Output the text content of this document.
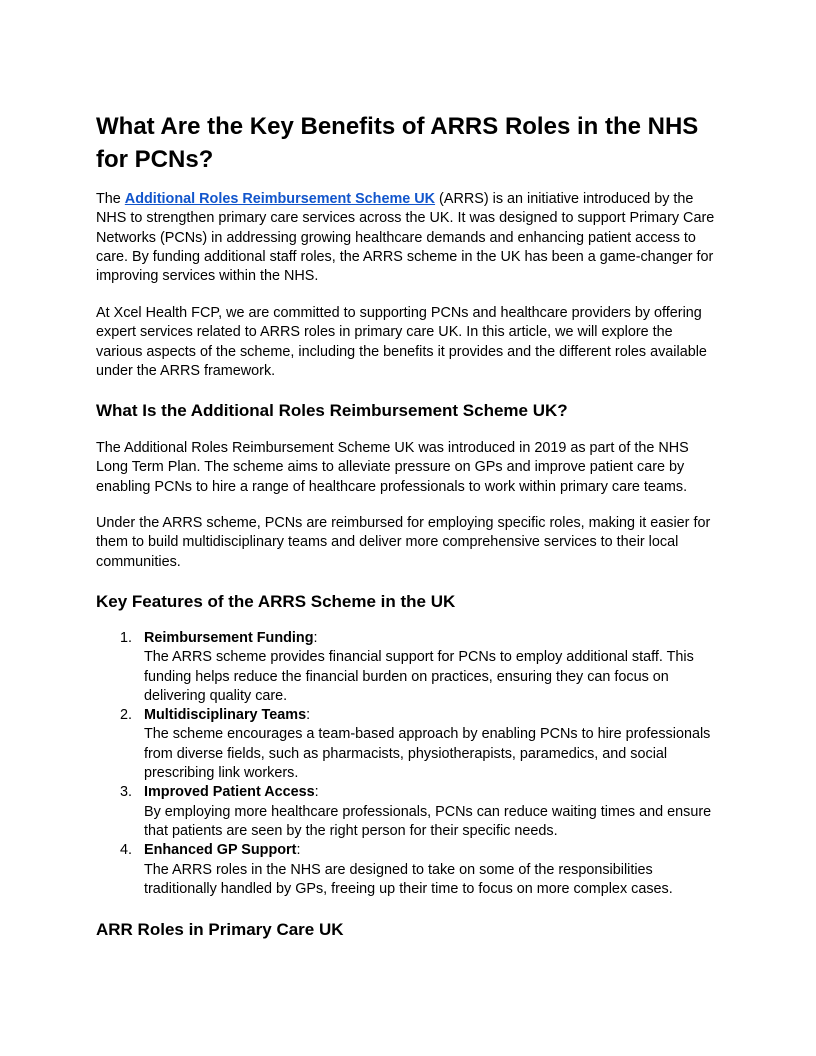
What Are the Key Benefits of ARRS Roles in the NHS for PCNs?

The Additional Roles Reimbursement Scheme UK (ARRS) is an initiative introduced by the NHS to strengthen primary care services across the UK. It was designed to support Primary Care Networks (PCNs) in addressing growing healthcare demands and enhancing patient access to care. By funding additional staff roles, the ARRS scheme in the UK has been a game-changer for improving services within the NHS.

At Xcel Health FCP, we are committed to supporting PCNs and healthcare providers by offering expert services related to ARRS roles in primary care UK. In this article, we will explore the various aspects of the scheme, including the benefits it provides and the different roles available under the ARRS framework.

What Is the Additional Roles Reimbursement Scheme UK?

The Additional Roles Reimbursement Scheme UK was introduced in 2019 as part of the NHS Long Term Plan. The scheme aims to alleviate pressure on GPs and improve patient care by enabling PCNs to hire a range of healthcare professionals to work within primary care teams.

Under the ARRS scheme, PCNs are reimbursed for employing specific roles, making it easier for them to build multidisciplinary teams and deliver more comprehensive services to their local communities.

Key Features of the ARRS Scheme in the UK
1. Reimbursement Funding:
The ARRS scheme provides financial support for PCNs to employ additional staff. This funding helps reduce the financial burden on practices, ensuring they can focus on delivering quality care.
2. Multidisciplinary Teams:
The scheme encourages a team-based approach by enabling PCNs to hire professionals from diverse fields, such as pharmacists, physiotherapists, paramedics, and social prescribing link workers.
3. Improved Patient Access:
By employing more healthcare professionals, PCNs can reduce waiting times and ensure that patients are seen by the right person for their specific needs.
4. Enhanced GP Support:
The ARRS roles in the NHS are designed to take on some of the responsibilities traditionally handled by GPs, freeing up their time to focus on more complex cases.
ARR Roles in Primary Care UK
